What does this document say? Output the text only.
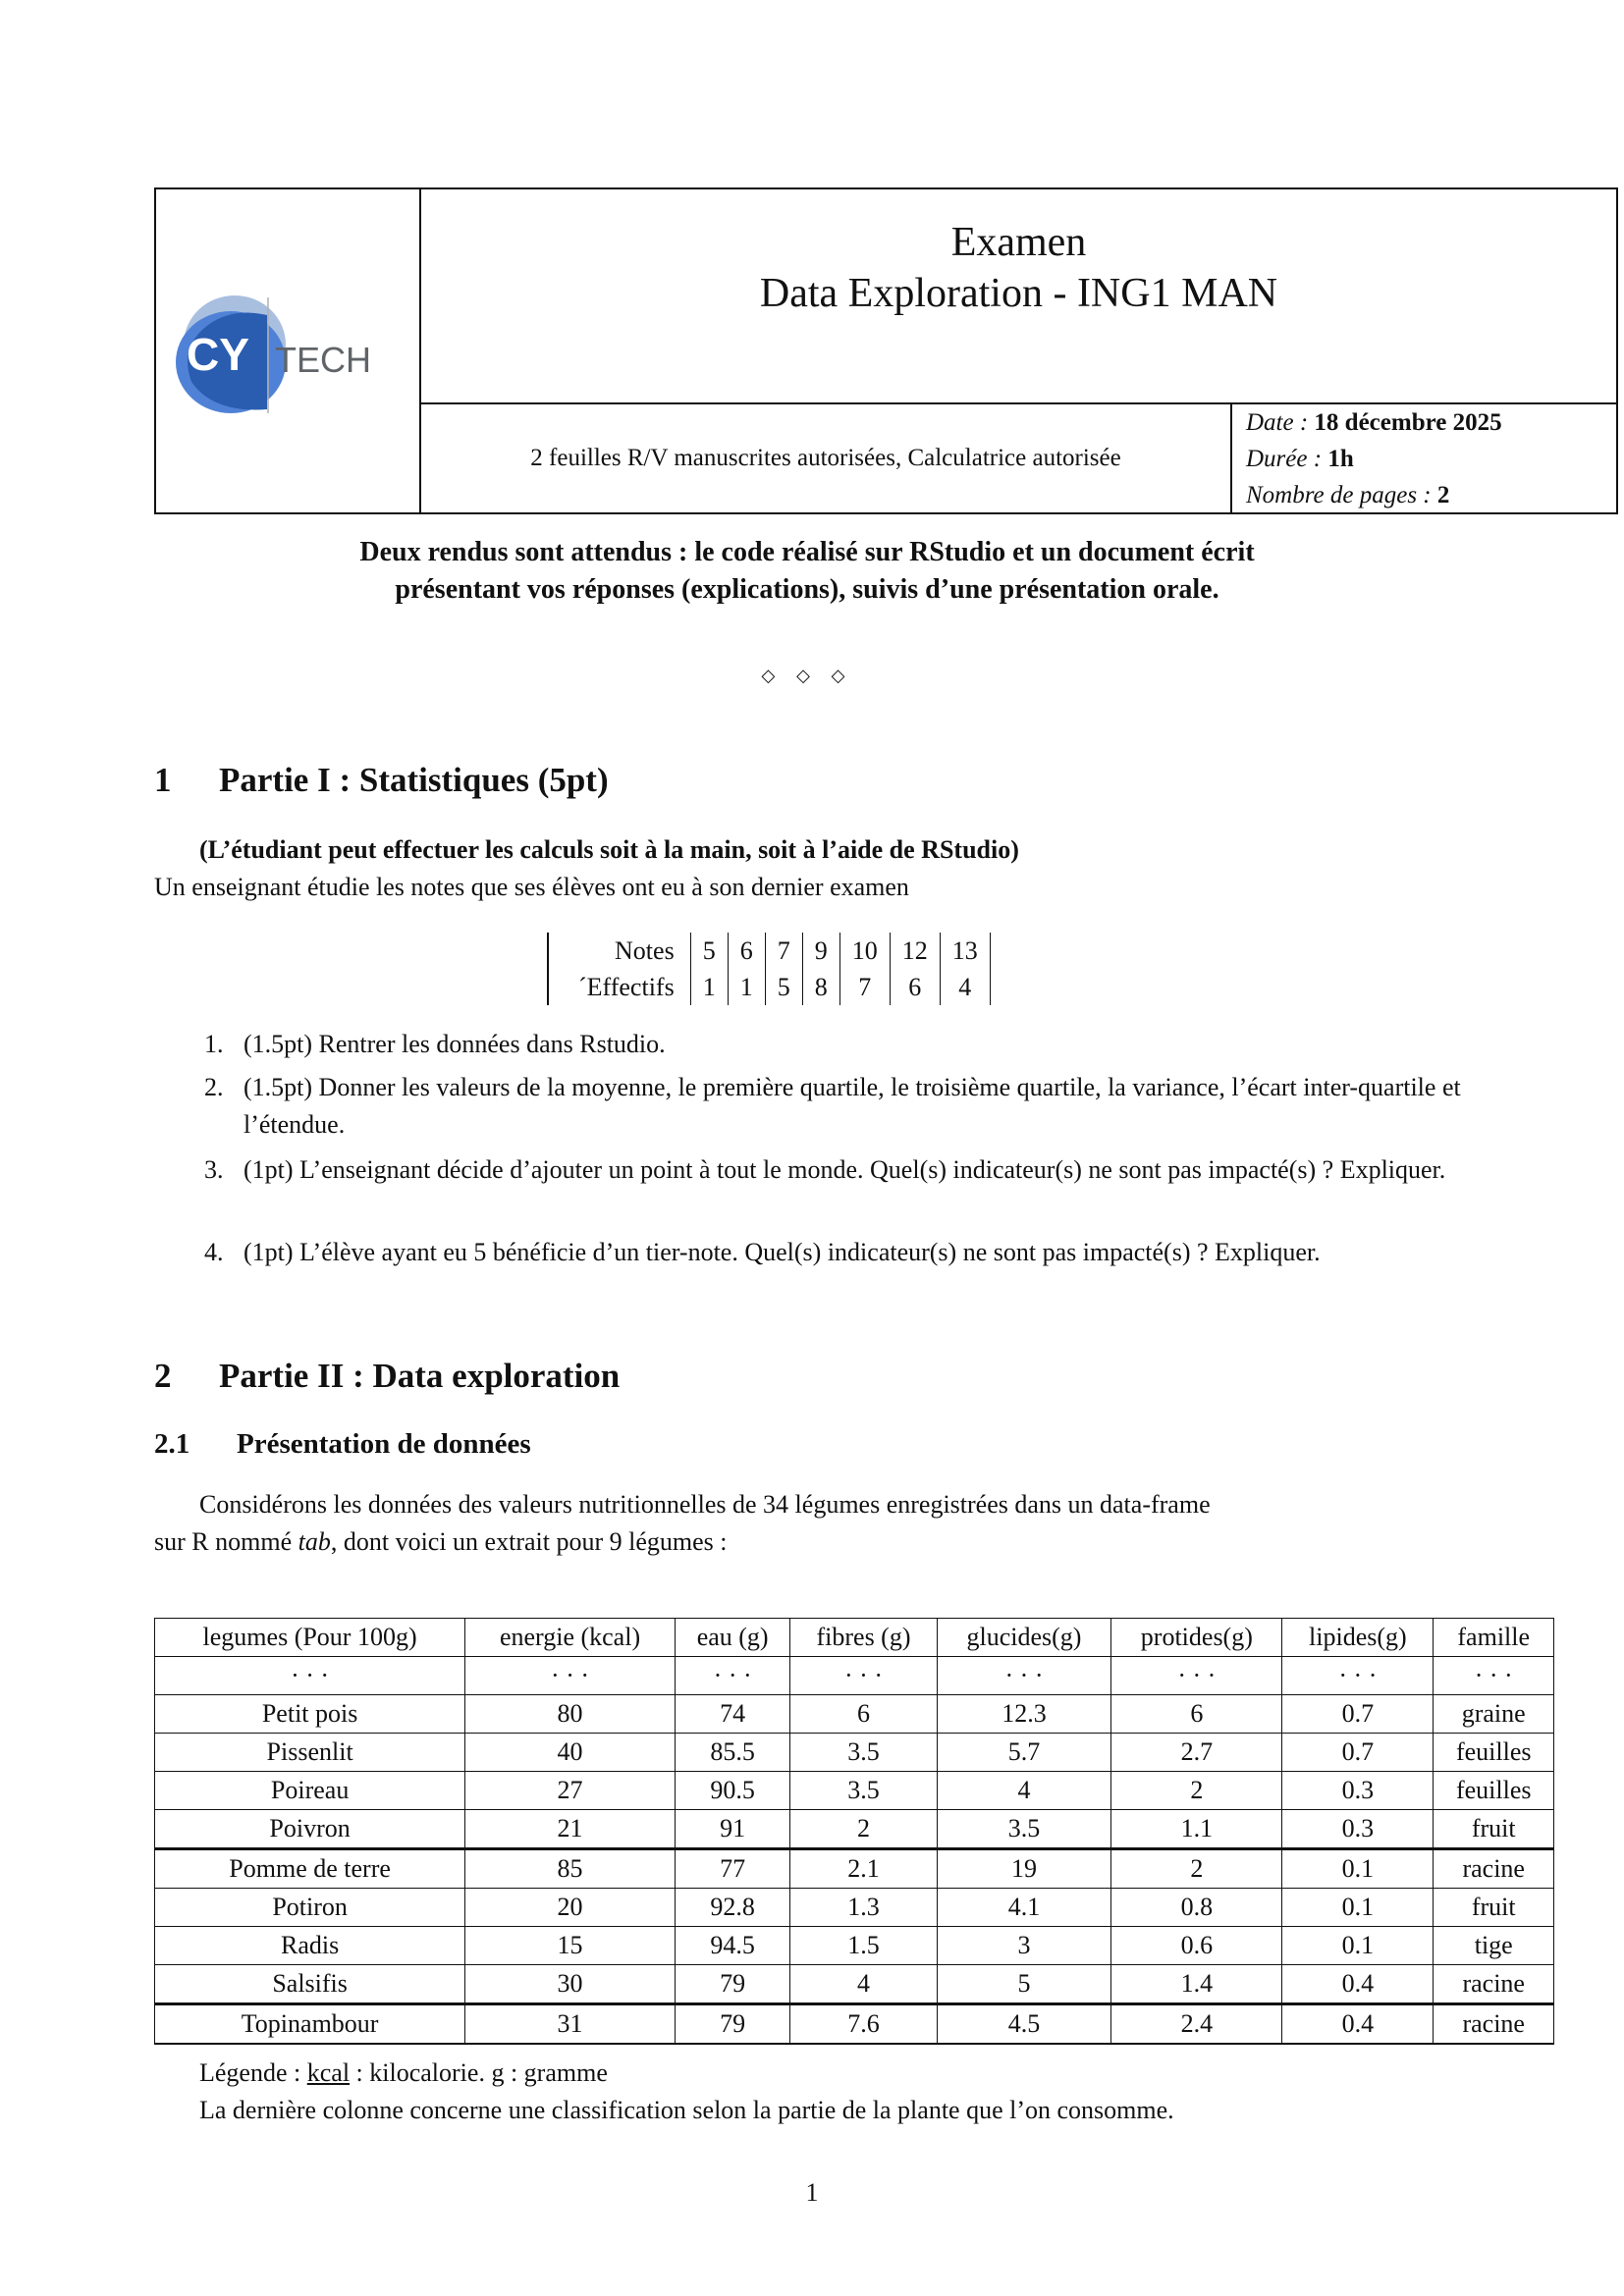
CY TECH
Examen
Data Exploration - ING1 MAN
2 feuilles R/V manuscrites autorisées, Calculatrice autorisée
Date : 18 décembre 2025
Durée : 1h
Nombre de pages : 2
Deux rendus sont attendus : le code réalisé sur RStudio et un document écrit
présentant vos réponses (explications), suivis d’une présentation orale.
◇ ◇ ◇
1 Partie I : Statistiques (5pt)
(L’étudiant peut effectuer les calculs soit à la main, soit à l’aide de RStudio)
Un enseignant étudie les notes que ses élèves ont eu à son dernier examen
Notes	5	6	7	9	10	12	13
´Effectifs	1	1	5	8	7	6	4
1. (1.5pt) Rentrer les données dans Rstudio.
2. (1.5pt) Donner les valeurs de la moyenne, le première quartile, le troisième quartile, la variance, l’écart inter-quartile et l’étendue.
3. (1pt) L’enseignant décide d’ajouter un point à tout le monde. Quel(s) indicateur(s) ne sont pas impacté(s) ? Expliquer.
4. (1pt) L’élève ayant eu 5 bénéficie d’un tier-note. Quel(s) indicateur(s) ne sont pas impacté(s) ? Expliquer.
2 Partie II : Data exploration
2.1 Présentation de données
Considérons les données des valeurs nutritionnelles de 34 légumes enregistrées dans un data-frame
sur R nommé tab, dont voici un extrait pour 9 légumes :
legumes (Pour 100g)	energie (kcal)	eau (g)	fibres (g)	glucides(g)	protides(g)	lipides(g)	famille
· · ·	· · ·	· · ·	· · ·	· · ·	· · ·	· · ·	· · ·
Petit pois	80	74	6	12.3	6	0.7	graine
Pissenlit	40	85.5	3.5	5.7	2.7	0.7	feuilles
Poireau	27	90.5	3.5	4	2	0.3	feuilles
Poivron	21	91	2	3.5	1.1	0.3	fruit
Pomme de terre	85	77	2.1	19	2	0.1	racine
Potiron	20	92.8	1.3	4.1	0.8	0.1	fruit
Radis	15	94.5	1.5	3	0.6	0.1	tige
Salsifis	30	79	4	5	1.4	0.4	racine
Topinambour	31	79	7.6	4.5	2.4	0.4	racine
Légende : kcal : kilocalorie. g : gramme
La dernière colonne concerne une classification selon la partie de la plante que l’on consomme.
1
